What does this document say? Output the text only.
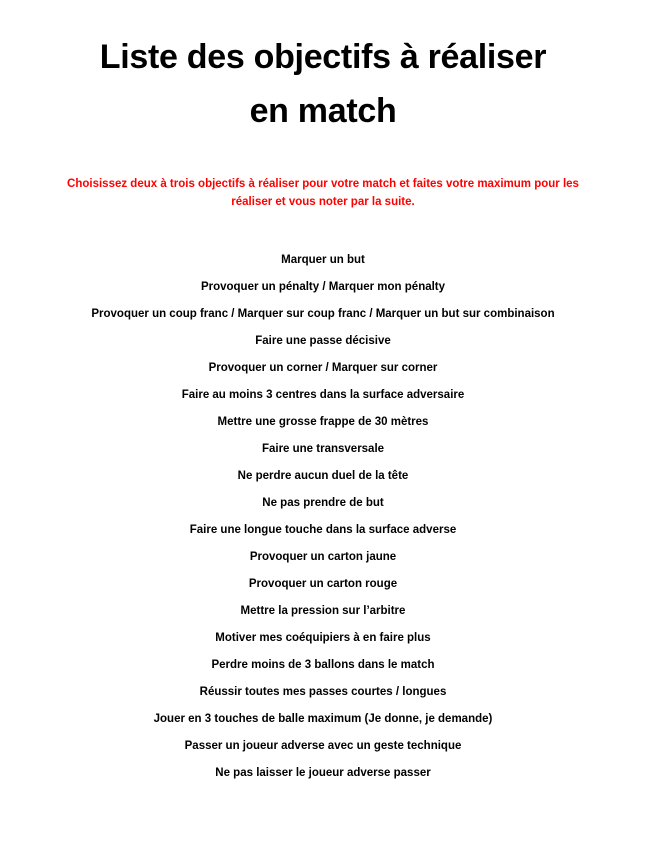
Liste des objectifs à réaliser
en match

Choisissez deux à trois objectifs à réaliser pour votre match et faites votre maximum pour les
réaliser et vous noter par la suite.

Marquer un but
Provoquer un pénalty / Marquer mon pénalty
Provoquer un coup franc / Marquer sur coup franc / Marquer un but sur combinaison
Faire une passe décisive
Provoquer un corner / Marquer sur corner
Faire au moins 3 centres dans la surface adversaire
Mettre une grosse frappe de 30 mètres
Faire une transversale
Ne perdre aucun duel de la tête
Ne pas prendre de but
Faire une longue touche dans la surface adverse
Provoquer un carton jaune
Provoquer un carton rouge
Mettre la pression sur l’arbitre
Motiver mes coéquipiers à en faire plus
Perdre moins de 3 ballons dans le match
Réussir toutes mes passes courtes / longues
Jouer en 3 touches de balle maximum (Je donne, je demande)
Passer un joueur adverse avec un geste technique
Ne pas laisser le joueur adverse passer
